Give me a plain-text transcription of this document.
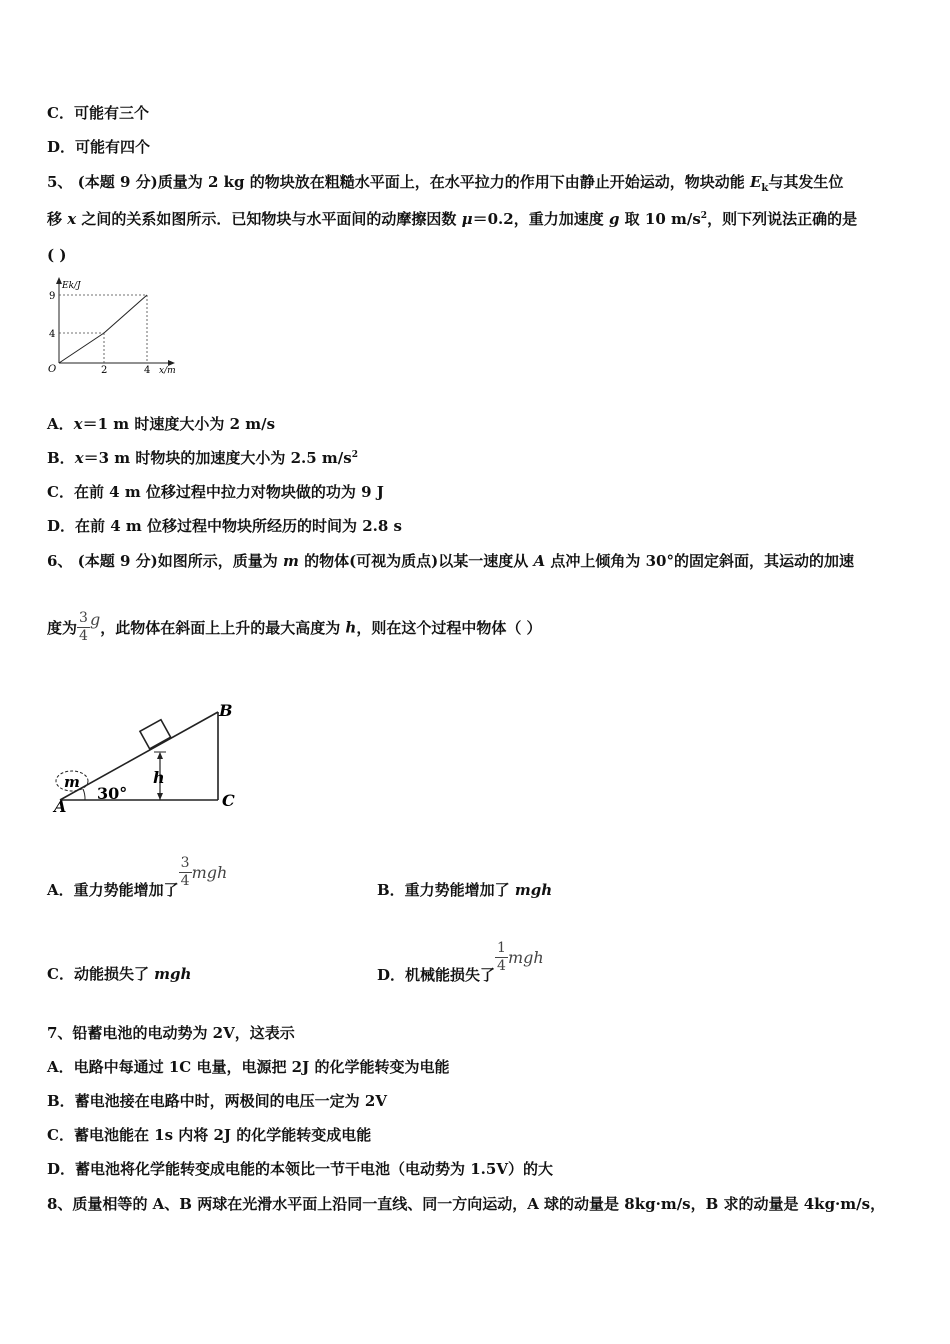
C．可能有三个
D．可能有四个
5、 (本题 9 分)质量为 2 kg 的物块放在粗糙水平面上，在水平拉力的作用下由静止开始运动，物块动能 $E_k$与其发生位
移 x 之间的关系如图所示．已知物块与水平面间的动摩擦因数 μ＝0.2，重力加速度 g 取 10 $m/s^2$，则下列说法正确的是
( )
Ek/J
x/m
O
9
4
2	4
A．x＝1 m 时速度大小为 2 m/s
B．x＝3 m 时物块的加速度大小为 2.5 $m/s^2$
C．在前 4 m 位移过程中拉力对物块做的功为 9 J
D．在前 4 m 位移过程中物块所经历的时间为 2.8 s
6、 (本题 9 分)如图所示，质量为 m 的物体(可视为质点)以某一速度从 A 点冲上倾角为 30°的固定斜面，其运动的加速
度为 $\frac{3}{4}$ g，此物体在斜面上上升的最大高度为 h，则在这个过程中物体（ ）
m
A
B
C
h
30°
A．重力势能增加了 $\frac{3}{4}$ mgh
B．重力势能增加了 mgh
C．动能损失了 mgh	D．机械能损失了 $\frac{1}{4}$ mgh
7、铅蓄电池的电动势为 2V，这表示
A．电路中每通过 1C 电量，电源把 2J 的化学能转变为电能
B．蓄电池接在电路中时，两极间的电压一定为 2V
C．蓄电池能在 1s 内将 2J 的化学能转变成电能
D．蓄电池将化学能转变成电能的本领比一节干电池（电动势为 1.5V）的大
8、质量相等的 A、B 两球在光滑水平面上沿同一直线、同一方向运动，A 球的动量是 8kg·m/s，B 求的动量是 4kg·m/s，
